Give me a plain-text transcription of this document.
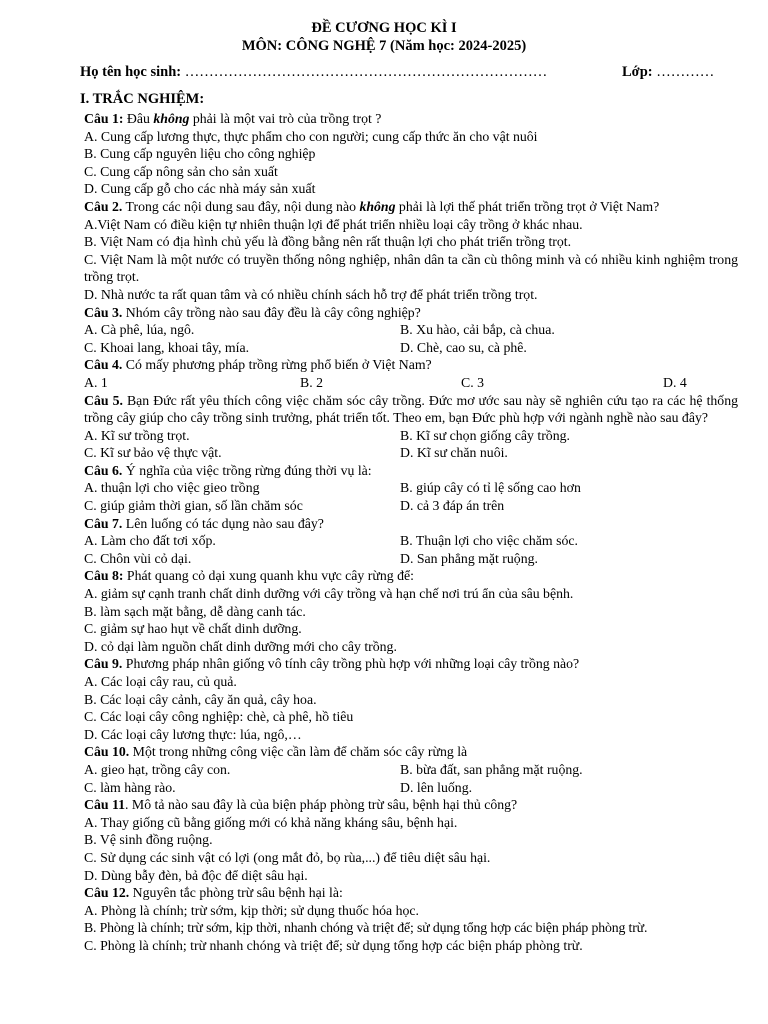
ĐỀ CƯƠNG HỌC KÌ I
MÔN: CÔNG NGHỆ 7 (Năm học: 2024-2025)
Họ tên học sinh: …………………………………………………………………	Lớp: …………
I. TRẮC NGHIỆM:
Câu 1: Đâu không phải là một vai trò của trồng trọt ?
A. Cung cấp lương thực, thực phẩm cho con người; cung cấp thức ăn cho vật nuôi
B. Cung cấp nguyên liệu cho công nghiệp
C. Cung cấp nông sản cho sản xuất
D. Cung cấp gỗ cho các nhà máy sản xuất
Câu 2. Trong các nội dung sau đây, nội dung nào không phải là lợi thế phát triển trồng trọt ở Việt Nam?
A.Việt Nam có điều kiện tự nhiên thuận lợi để phát triển nhiều loại cây trồng ở khác nhau.
B. Việt Nam có địa hình chủ yếu là đồng bằng nên rất thuận lợi cho phát triển trồng trọt.
C. Việt Nam là một nước có truyền thống nông nghiệp, nhân dân ta cần cù thông minh và có nhiều kinh nghiệm trong trồng trọt.
D. Nhà nước ta rất quan tâm và có nhiều chính sách hỗ trợ để phát triển trồng trọt.
Câu 3. Nhóm cây trồng nào sau đây đều là cây công nghiệp?
A. Cà phê, lúa, ngô.	B. Xu hào, cải bắp, cà chua.
C. Khoai lang, khoai tây, mía.	D. Chè, cao su, cà phê.
Câu 4. Có mấy phương pháp trồng rừng phổ biến ở Việt Nam?
A. 1	B. 2	C. 3	D. 4
Câu 5. Bạn Đức rất yêu thích công việc chăm sóc cây trồng. Đức mơ ước sau này sẽ nghiên cứu tạo ra các hệ thống trồng cây giúp cho cây trồng sinh trưởng, phát triển tốt. Theo em, bạn Đức phù hợp với ngành nghề nào sau đây?
A. Kĩ sư trồng trọt.	B. Kĩ sư chọn giống cây trồng.
C. Kĩ sư bảo vệ thực vật.	D. Kĩ sư chăn nuôi.
Câu 6. Ý nghĩa của việc trồng rừng đúng thời vụ là:
A. thuận lợi cho việc gieo trồng	B. giúp cây có tỉ lệ sống cao hơn
C. giúp giảm thời gian, số lần chăm sóc	D. cả 3 đáp án trên
Câu 7. Lên luống có tác dụng nào sau đây?
A. Làm cho đất tơi xốp.	B. Thuận lợi cho việc chăm sóc.
C. Chôn vùi cỏ dại.	D. San phẳng mặt ruộng.
Câu 8: Phát quang cỏ dại xung quanh khu vực cây rừng để:
A. giảm sự cạnh tranh chất dinh dưỡng với cây trồng và hạn chế nơi trú ẩn của sâu bệnh.
B. làm sạch mặt bằng, dễ dàng canh tác.
C. giảm sự hao hụt về chất dinh dưỡng.
D. cỏ dại làm nguồn chất dinh dưỡng mới cho cây trồng.
Câu 9. Phương pháp nhân giống vô tính cây trồng phù hợp với những loại cây trồng nào?
A. Các loại cây rau, củ quả.
B. Các loại cây cảnh, cây ăn quả, cây hoa.
C. Các loại cây công nghiệp: chè, cà phê, hồ tiêu
D. Các loại cây lương thực: lúa, ngô,…
Câu 10. Một trong những công việc cần làm để chăm sóc cây rừng là
A. gieo hạt, trồng cây con.	B. bừa đất, san phẳng mặt ruộng.
C. làm hàng rào.	D. lên luống.
Câu 11. Mô tả nào sau đây là của biện pháp phòng trừ sâu, bệnh hại thủ công?
A. Thay giống cũ bằng giống mới có khả năng kháng sâu, bệnh hại.
B. Vệ sinh đồng ruộng.
C. Sử dụng các sinh vật có lợi (ong mắt đỏ, bọ rùa,...) để tiêu diệt sâu hại.
D. Dùng bẫy đèn, bả độc để diệt sâu hại.
Câu 12. Nguyên tắc phòng trừ sâu bệnh hại là:
A. Phòng là chính; trừ sớm, kịp thời; sử dụng thuốc hóa học.
B. Phòng là chính; trừ sớm, kịp thời, nhanh chóng và triệt để; sử dụng tổng hợp các biện pháp phòng trừ.
C. Phòng là chính; trừ nhanh chóng và triệt để; sử dụng tổng hợp các biện pháp phòng trừ.
